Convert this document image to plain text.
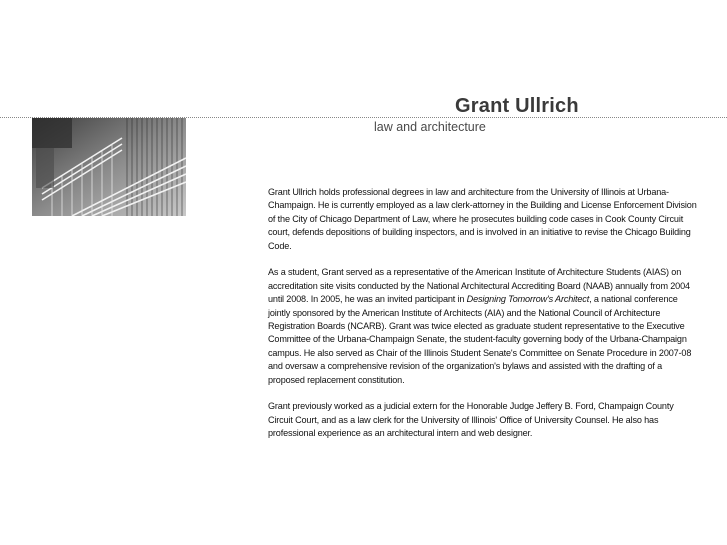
Grant Ullrich
law and architecture

Grant Ullrich holds professional degrees in law and architecture from the University of Illinois at Urbana-Champaign. He is currently employed as a law clerk-attorney in the Building and License Enforcement Division of the City of Chicago Department of Law, where he prosecutes building code cases in Cook County Circuit court, defends depositions of building inspectors, and is involved in an initiative to revise the Chicago Building Code.

As a student, Grant served as a representative of the American Institute of Architecture Students (AIAS) on accreditation site visits conducted by the National Architectural Accrediting Board (NAAB) annually from 2004 until 2008. In 2005, he was an invited participant in Designing Tomorrow's Architect, a national conference jointly sponsored by the American Institute of Architects (AIA) and the National Council of Architecture Registration Boards (NCARB). Grant was twice elected as graduate student representative to the Executive Committee of the Urbana-Champaign Senate, the student-faculty governing body of the Urbana-Champaign campus. He also served as Chair of the Illinois Student Senate's Committee on Senate Procedure in 2007-08 and oversaw a comprehensive revision of the organization's bylaws and assisted with the drafting of a proposed replacement constitution.

Grant previously worked as a judicial extern for the Honorable Judge Jeffery B. Ford, Champaign County Circuit Court, and as a law clerk for the University of Illinois' Office of University Counsel. He also has professional experience as an architectural intern and web designer.
